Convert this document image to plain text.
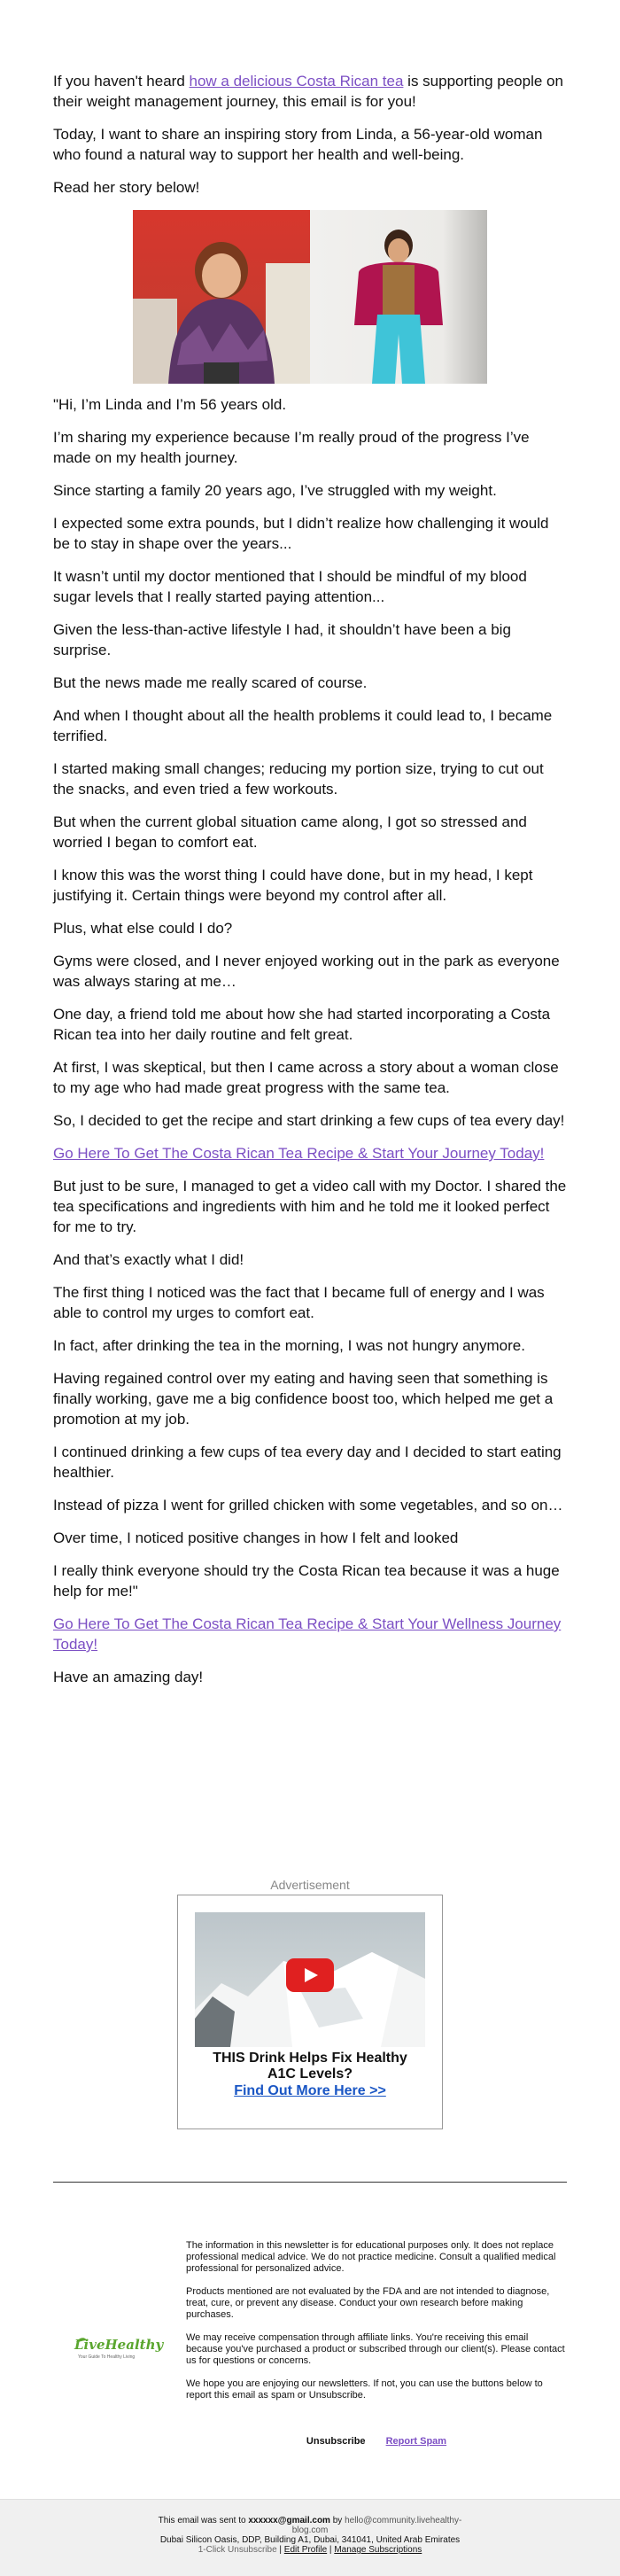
If you haven't heard how a delicious Costa Rican tea is supporting people on their weight management journey, this email is for you!

Today, I want to share an inspiring story from Linda, a 56-year-old woman who found a natural way to support her health and well-being.

Read her story below!

"Hi, I’m Linda and I’m 56 years old.

I’m sharing my experience because I’m really proud of the progress I’ve made on my health journey.

Since starting a family 20 years ago, I’ve struggled with my weight.

I expected some extra pounds, but I didn’t realize how challenging it would be to stay in shape over the years...

It wasn’t until my doctor mentioned that I should be mindful of my blood sugar levels that I really started paying attention...

Given the less-than-active lifestyle I had, it shouldn’t have been a big surprise.

But the news made me really scared of course.

And when I thought about all the health problems it could lead to, I became terrified.

I started making small changes; reducing my portion size, trying to cut out the snacks, and even tried a few workouts.

But when the current global situation came along, I got so stressed and worried I began to comfort eat.

I know this was the worst thing I could have done, but in my head, I kept justifying it. Certain things were beyond my control after all.

Plus, what else could I do?

Gyms were closed, and I never enjoyed working out in the park as everyone was always staring at me…

One day, a friend told me about how she had started incorporating a Costa Rican tea into her daily routine and felt great.

At first, I was skeptical, but then I came across a story about a woman close to my age who had made great progress with the same tea.

So, I decided to get the recipe and start drinking a few cups of tea every day!

Go Here To Get The Costa Rican Tea Recipe & Start Your Journey Today!

But just to be sure, I managed to get a video call with my Doctor. I shared the tea specifications and ingredients with him and he told me it looked perfect for me to try.

And that’s exactly what I did!

The first thing I noticed was the fact that I became full of energy and I was able to control my urges to comfort eat.

In fact, after drinking the tea in the morning, I was not hungry anymore.

Having regained control over my eating and having seen that something is finally working, gave me a big confidence boost too, which helped me get a promotion at my job.

I continued drinking a few cups of tea every day and I decided to start eating healthier.

Instead of pizza I went for grilled chicken with some vegetables, and so on…

Over time, I noticed positive changes in how I felt and looked

I really think everyone should try the Costa Rican tea because it was a huge help for me!"

Go Here To Get The Costa Rican Tea Recipe & Start Your Wellness Journey Today!

Have an amazing day!

Advertisement
THIS Drink Helps Fix Healthy
A1C Levels?
Find Out More Here >>
LiveHealthy
Your Guide To Healthy Living

The information in this newsletter is for educational purposes only. It does not replace professional medical advice. We do not practice medicine. Consult a qualified medical professional for personalized advice.

Products mentioned are not evaluated by the FDA and are not intended to diagnose, treat, cure, or prevent any disease. Conduct your own research before making purchases.

We may receive compensation through affiliate links. You're receiving this email because you've purchased a product or subscribed through our client(s). Please contact us for questions or concerns.

We hope you are enjoying our newsletters. If not, you can use the buttons below to report this email as spam or Unsubscribe.

Unsubscribe Report Spam
This email was sent to xxxxxx@gmail.com by hello@community.livehealthy-
blog.com
Dubai Silicon Oasis, DDP, Building A1, Dubai, 341041, United Arab Emirates
1-Click Unsubscribe | Edit Profile | Manage Subscriptions
